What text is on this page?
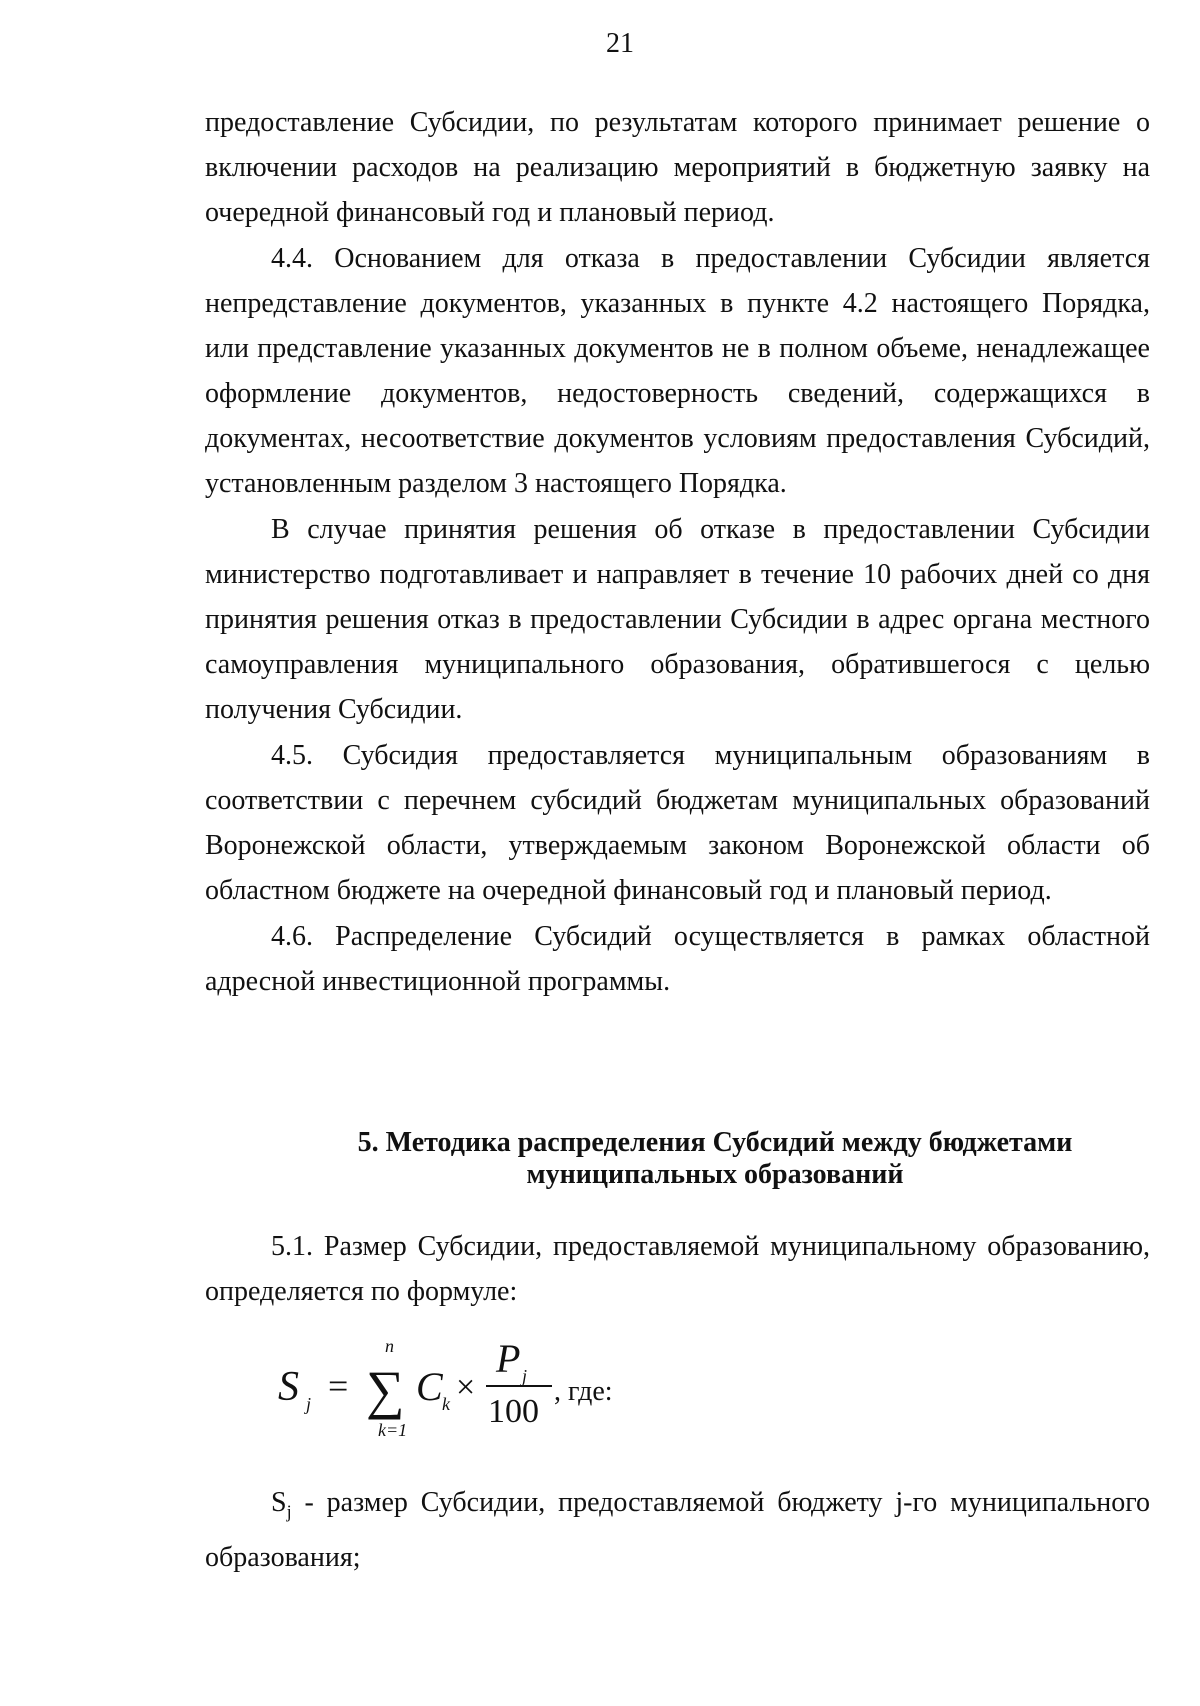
21

предоставление Субсидии, по результатам которого принимает решение о включении расходов на реализацию мероприятий в бюджетную заявку на очередной финансовый год и плановый период.

4.4. Основанием для отказа в предоставлении Субсидии является непредставление документов, указанных в пункте 4.2 настоящего Порядка, или представление указанных документов не в полном объеме, ненадлежащее оформление документов, недостоверность сведений, содержащихся в документах, несоответствие документов условиям предоставления Субсидий, установленным разделом 3 настоящего Порядка.

В случае принятия решения об отказе в предоставлении Субсидии министерство подготавливает и направляет в течение 10 рабочих дней со дня принятия решения отказ в предоставлении Субсидии в адрес органа местного самоуправления муниципального образования, обратившегося с целью получения Субсидии.

4.5. Субсидия предоставляется муниципальным образованиям в соответствии с перечнем субсидий бюджетам муниципальных образований Воронежской области, утверждаемым законом Воронежской области об областном бюджете на очередной финансовый год и плановый период.

4.6. Распределение Субсидий осуществляется в рамках областной адресной инвестиционной программы.

5. Методика распределения Субсидий между бюджетами
муниципальных образований

5.1. Размер Субсидии, предоставляемой муниципальному образованию, определяется по формуле:

S j =
n
∑
k=1
C k ×
P j
100
, где:

$S_j$ - размер Субсидии, предоставляемой бюджету j-го муниципального образования;
